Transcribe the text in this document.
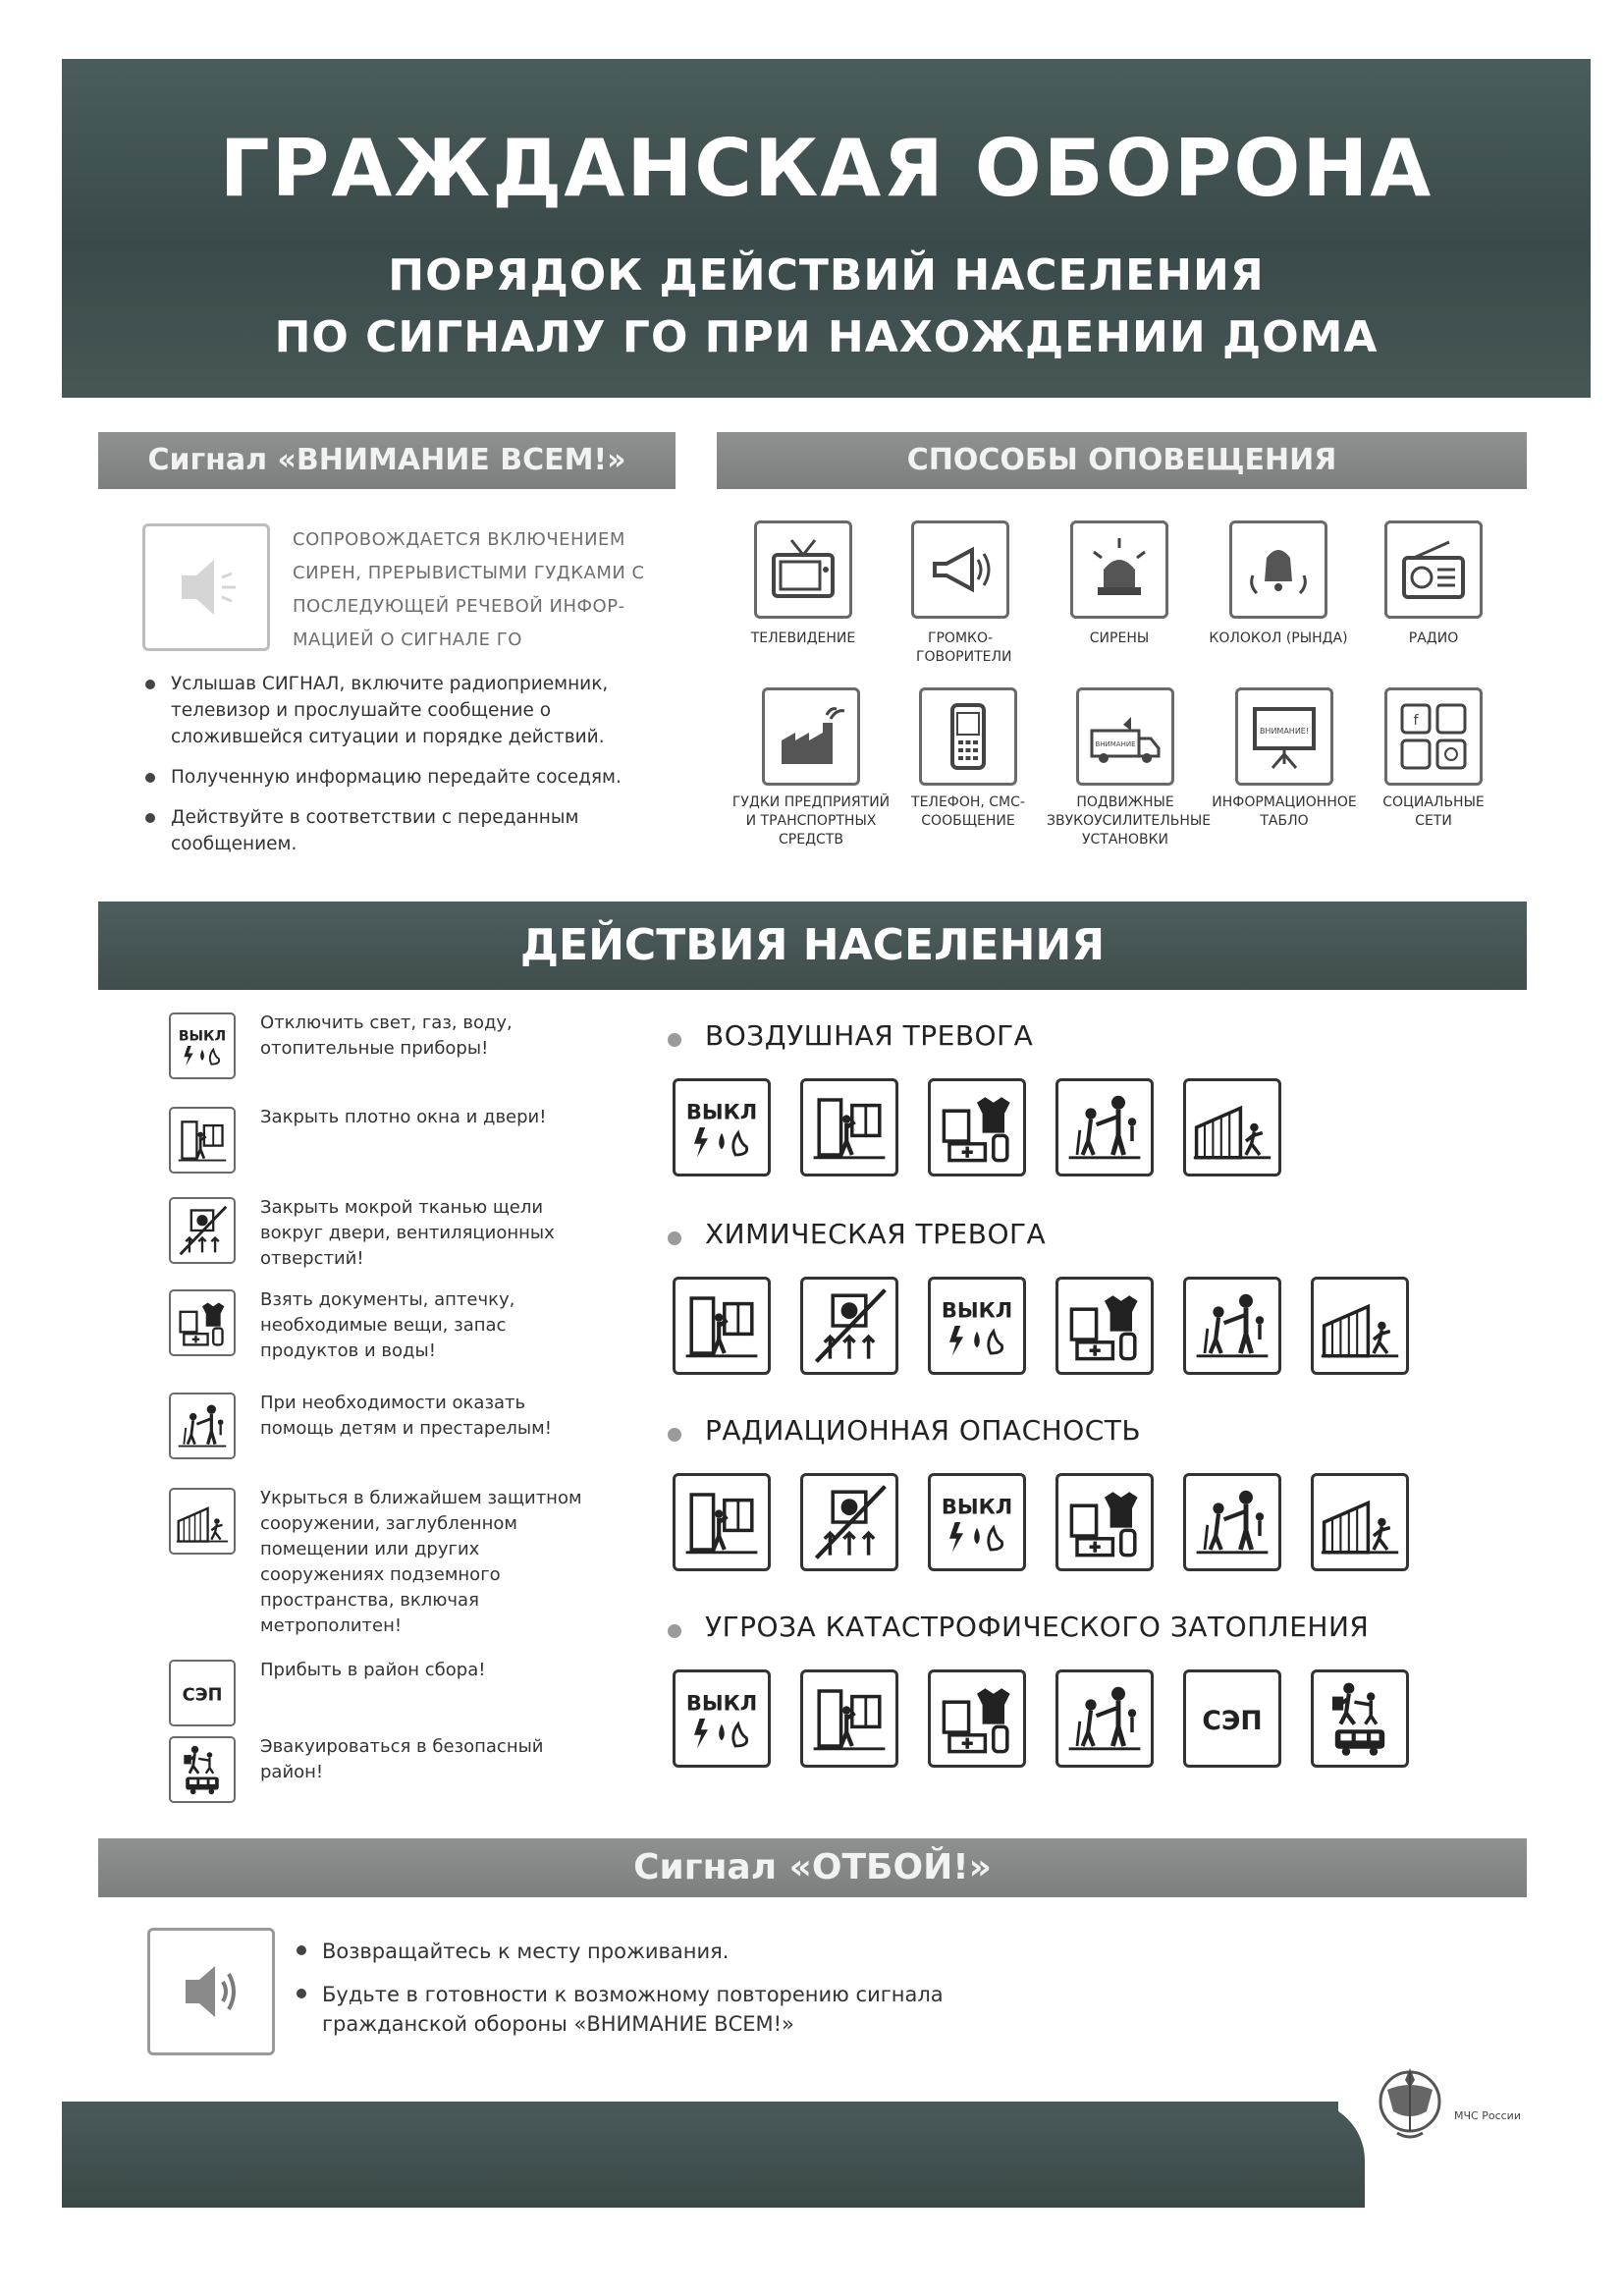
ГРАЖДАНСКАЯ ОБОРОНА
ПОРЯДОК ДЕЙСТВИЙ НАСЕЛЕНИЯ
ПО СИГНАЛУ ГО ПРИ НАХОЖДЕНИИ ДОМА
Сигнал «ВНИМАНИЕ ВСЕМ!»
СОПРОВОЖДАЕТСЯ ВКЛЮЧЕНИЕМ СИРЕН, ПРЕРЫВИСТЫМИ ГУДКАМИ С ПОСЛЕДУЮЩЕЙ РЕЧЕВОЙ ИНФОР-МАЦИЕЙ О СИГНАЛЕ ГО
Услышав СИГНАЛ, включите радиоприемник, телевизор и прослушайте сообщение о сложившейся ситуации и порядке действий.
Полученную информацию передайте соседям.
Действуйте в соответствии с переданным сообщением.
СПОСОБЫ ОПОВЕЩЕНИЯ
ТЕЛЕВИДЕНИЕ	ГРОМКО-ГОВОРИТЕЛИ
СИРЕНЫ	КОЛОКОЛ (РЫНДА)	РАДИО
ВНИМАНИЕ
ВНИМАНИЕ!
f
ГУДКИ ПРЕДПРИЯТИЙ И ТРАНСПОРТНЫХ СРЕДСТВ
ТЕЛЕФОН, СМС-СООБЩЕНИЕ
ПОДВИЖНЫЕ ЗВУКОУСИЛИТЕЛЬНЫЕ УСТАНОВКИ
ИНФОРМАЦИОННОЕ ТАБЛО
СОЦИАЛЬНЫЕ СЕТИ
ДЕЙСТВИЯ НАСЕЛЕНИЯ
ВЫКЛ
Отключить свет, газ, воду, отопительные приборы!
Закрыть плотно окна и двери!
Закрыть мокрой тканью щели вокруг двери, вентиляционных отверстий!
Взять документы, аптечку, необходимые вещи, запас продуктов и воды!
При необходимости оказать помощь детям и престарелым!
Укрыться в ближайшем защитном сооружении, заглубленном помещении или других сооружениях подземного пространства, включая метрополитен!
СЭП
Прибыть в район сбора!
Эвакуироваться в безопасный район!
ВОЗДУШНАЯ ТРЕВОГА
ВЫКЛ
ХИМИЧЕСКАЯ ТРЕВОГА
ВЫКЛ
РАДИАЦИОННАЯ ОПАСНОСТЬ
ВЫКЛ
УГРОЗА КАТАСТРОФИЧЕСКОГО ЗАТОПЛЕНИЯ
ВЫКЛ
СЭП
Сигнал «ОТБОЙ!»
Возвращайтесь к месту проживания.
Будьте в готовности к возможному повторению сигнала гражданской обороны «ВНИМАНИЕ ВСЕМ!»
МЧС России
